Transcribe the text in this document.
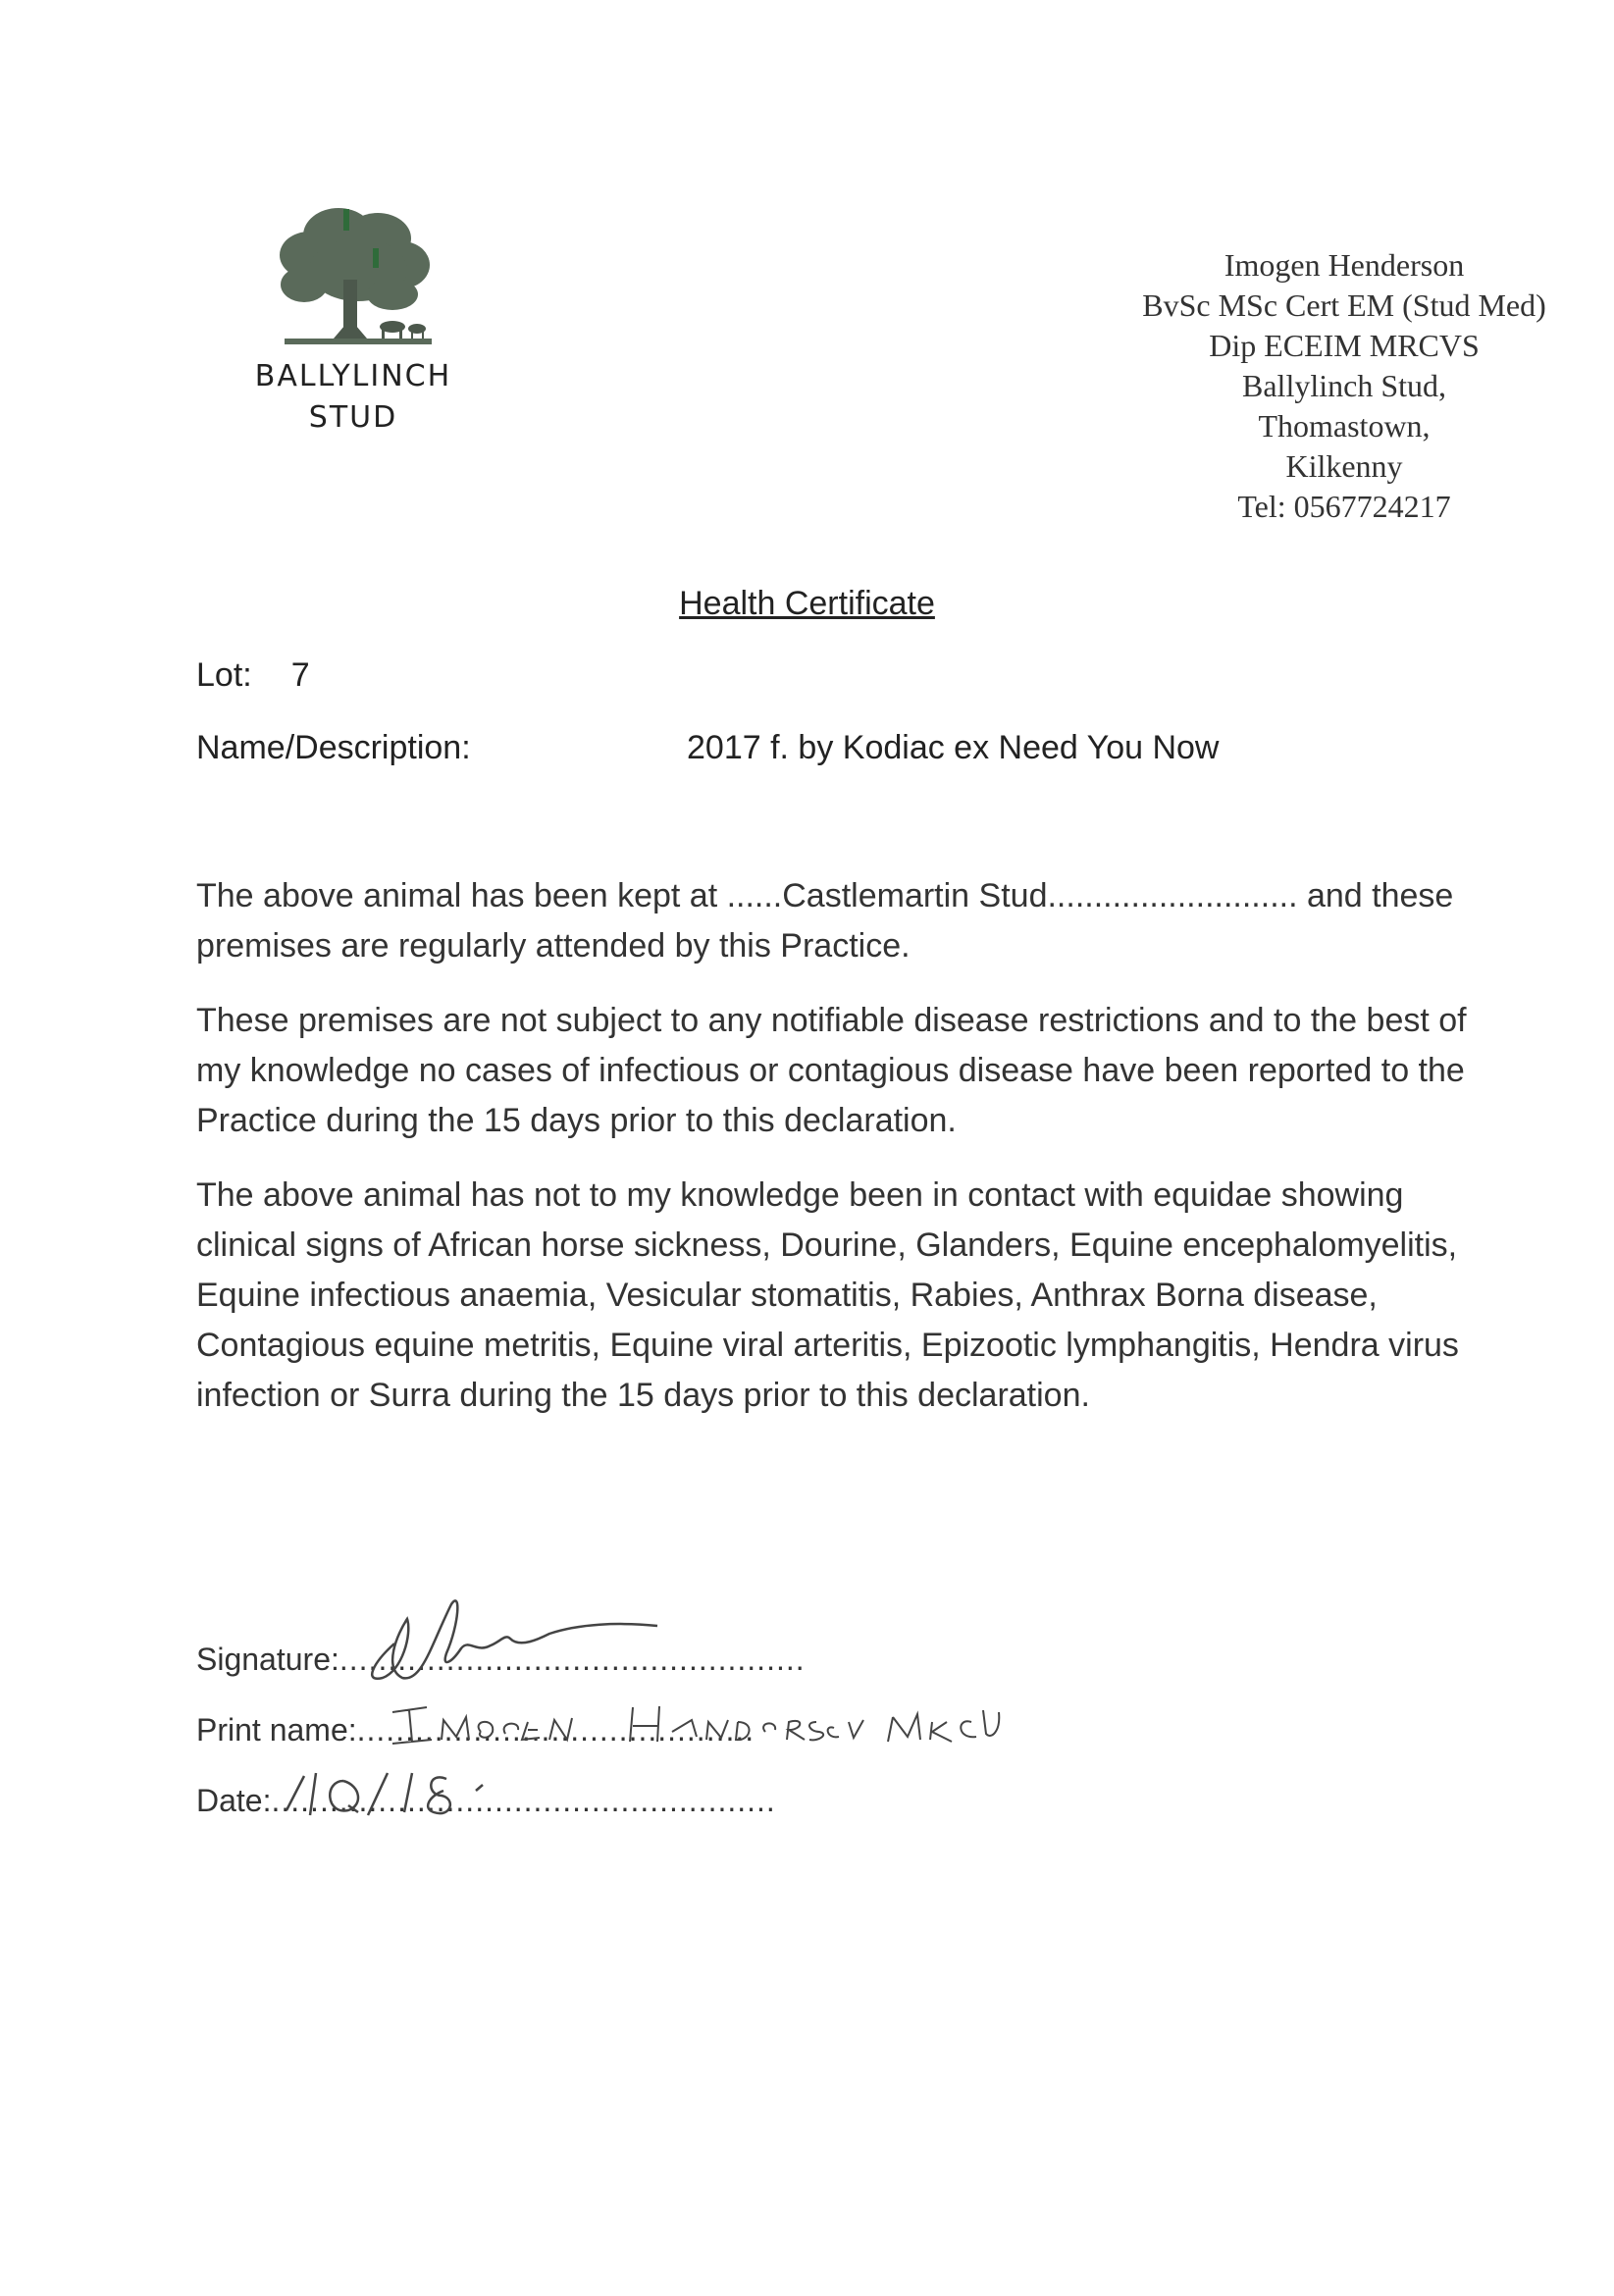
BALLYLINCH
STUD
Imogen Henderson
BvSc MSc Cert EM (Stud Med)
Dip ECEIM MRCVS
Ballylinch Stud,
Thomastown,
Kilkenny
Tel: 0567724217
Health Certificate
Lot: 7
Name/Description:	2017 f. by Kodiac ex Need You Now

The above animal has been kept at ......Castlemartin Stud........................... and these premises are regularly attended by this Practice.

These premises are not subject to any notifiable disease restrictions and to the best of my knowledge no cases of infectious or contagious disease have been reported to the Practice during the 15 days prior to this declaration.

The above animal has not to my knowledge been in contact with equidae showing clinical signs of African horse sickness, Dourine, Glanders, Equine encephalomyelitis, Equine infectious anaemia, Vesicular stomatitis, Rabies, Anthrax Borna disease, Contagious equine metritis, Equine viral arteritis, Epizootic lymphangitis, Hendra virus infection or Surra during the 15 days prior to this declaration.

Signature:................................................
Print name:.........................................
Date:....................................................
